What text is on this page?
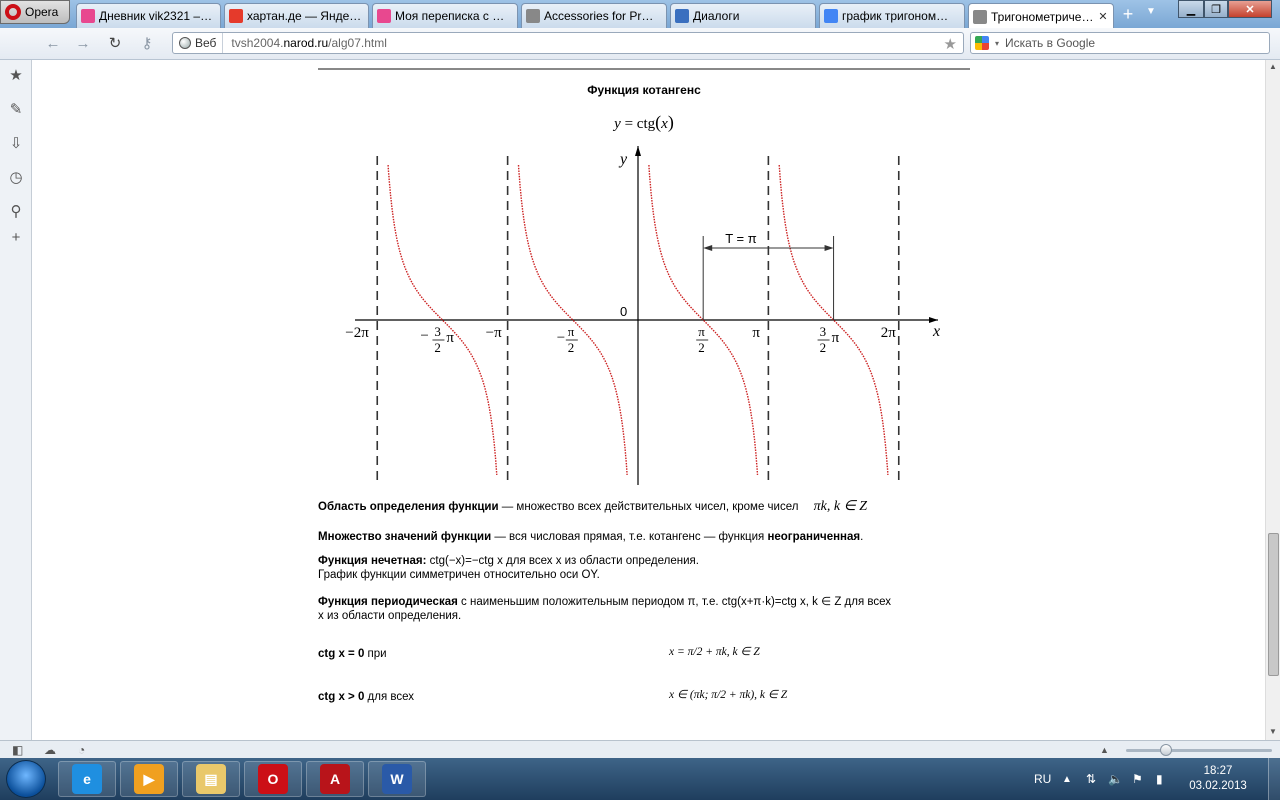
Opera	Дневник vik2321 –…	хартан.де — Янде…	Моя переписка с …	Accessories for Pr…	Диалоги	график тригоном…	Тригонометриче… ✕ +	▼	▁	❐	✕
← →	↻	⚷	Веб	tvsh2004.narod.ru/alg07.html	★	▾ Искать в Google
★
✎
⇩
◷
⚲
+
Функция котангенс
y = ctg(x)
−2π	− 3
2
π −π	− π
2
π
2
π	3
2
π	2π
0
x
y
T = π
Область определения функции — множество всех действительных чисел, кроме чисел πk, k ∈ Z
Множество значений функции — вся числовая прямая, т.е. котангенс — функция неограниченная.
Функция нечетная: ctg(−x)=−ctg x для всех x из области определения.
График функции симметричен относительно оси OY.
Функция периодическая с наименьшим положительным периодом π, т.е. ctg(x+π·k)=ctg x, k ∈ Z для всех
x из области определения.
ctg x = 0 при	x = π/2 + πk, k ∈ Z
ctg x > 0 для всех	x ∈ (πk; π/2 + πk), k ∈ Z
▲
▼
◧ ☁ ◔	▲
e	▶	▤	O	A	W	RU ▲ ⇅ 🔈 ⚑ ▮
18:27
03.02.2013
